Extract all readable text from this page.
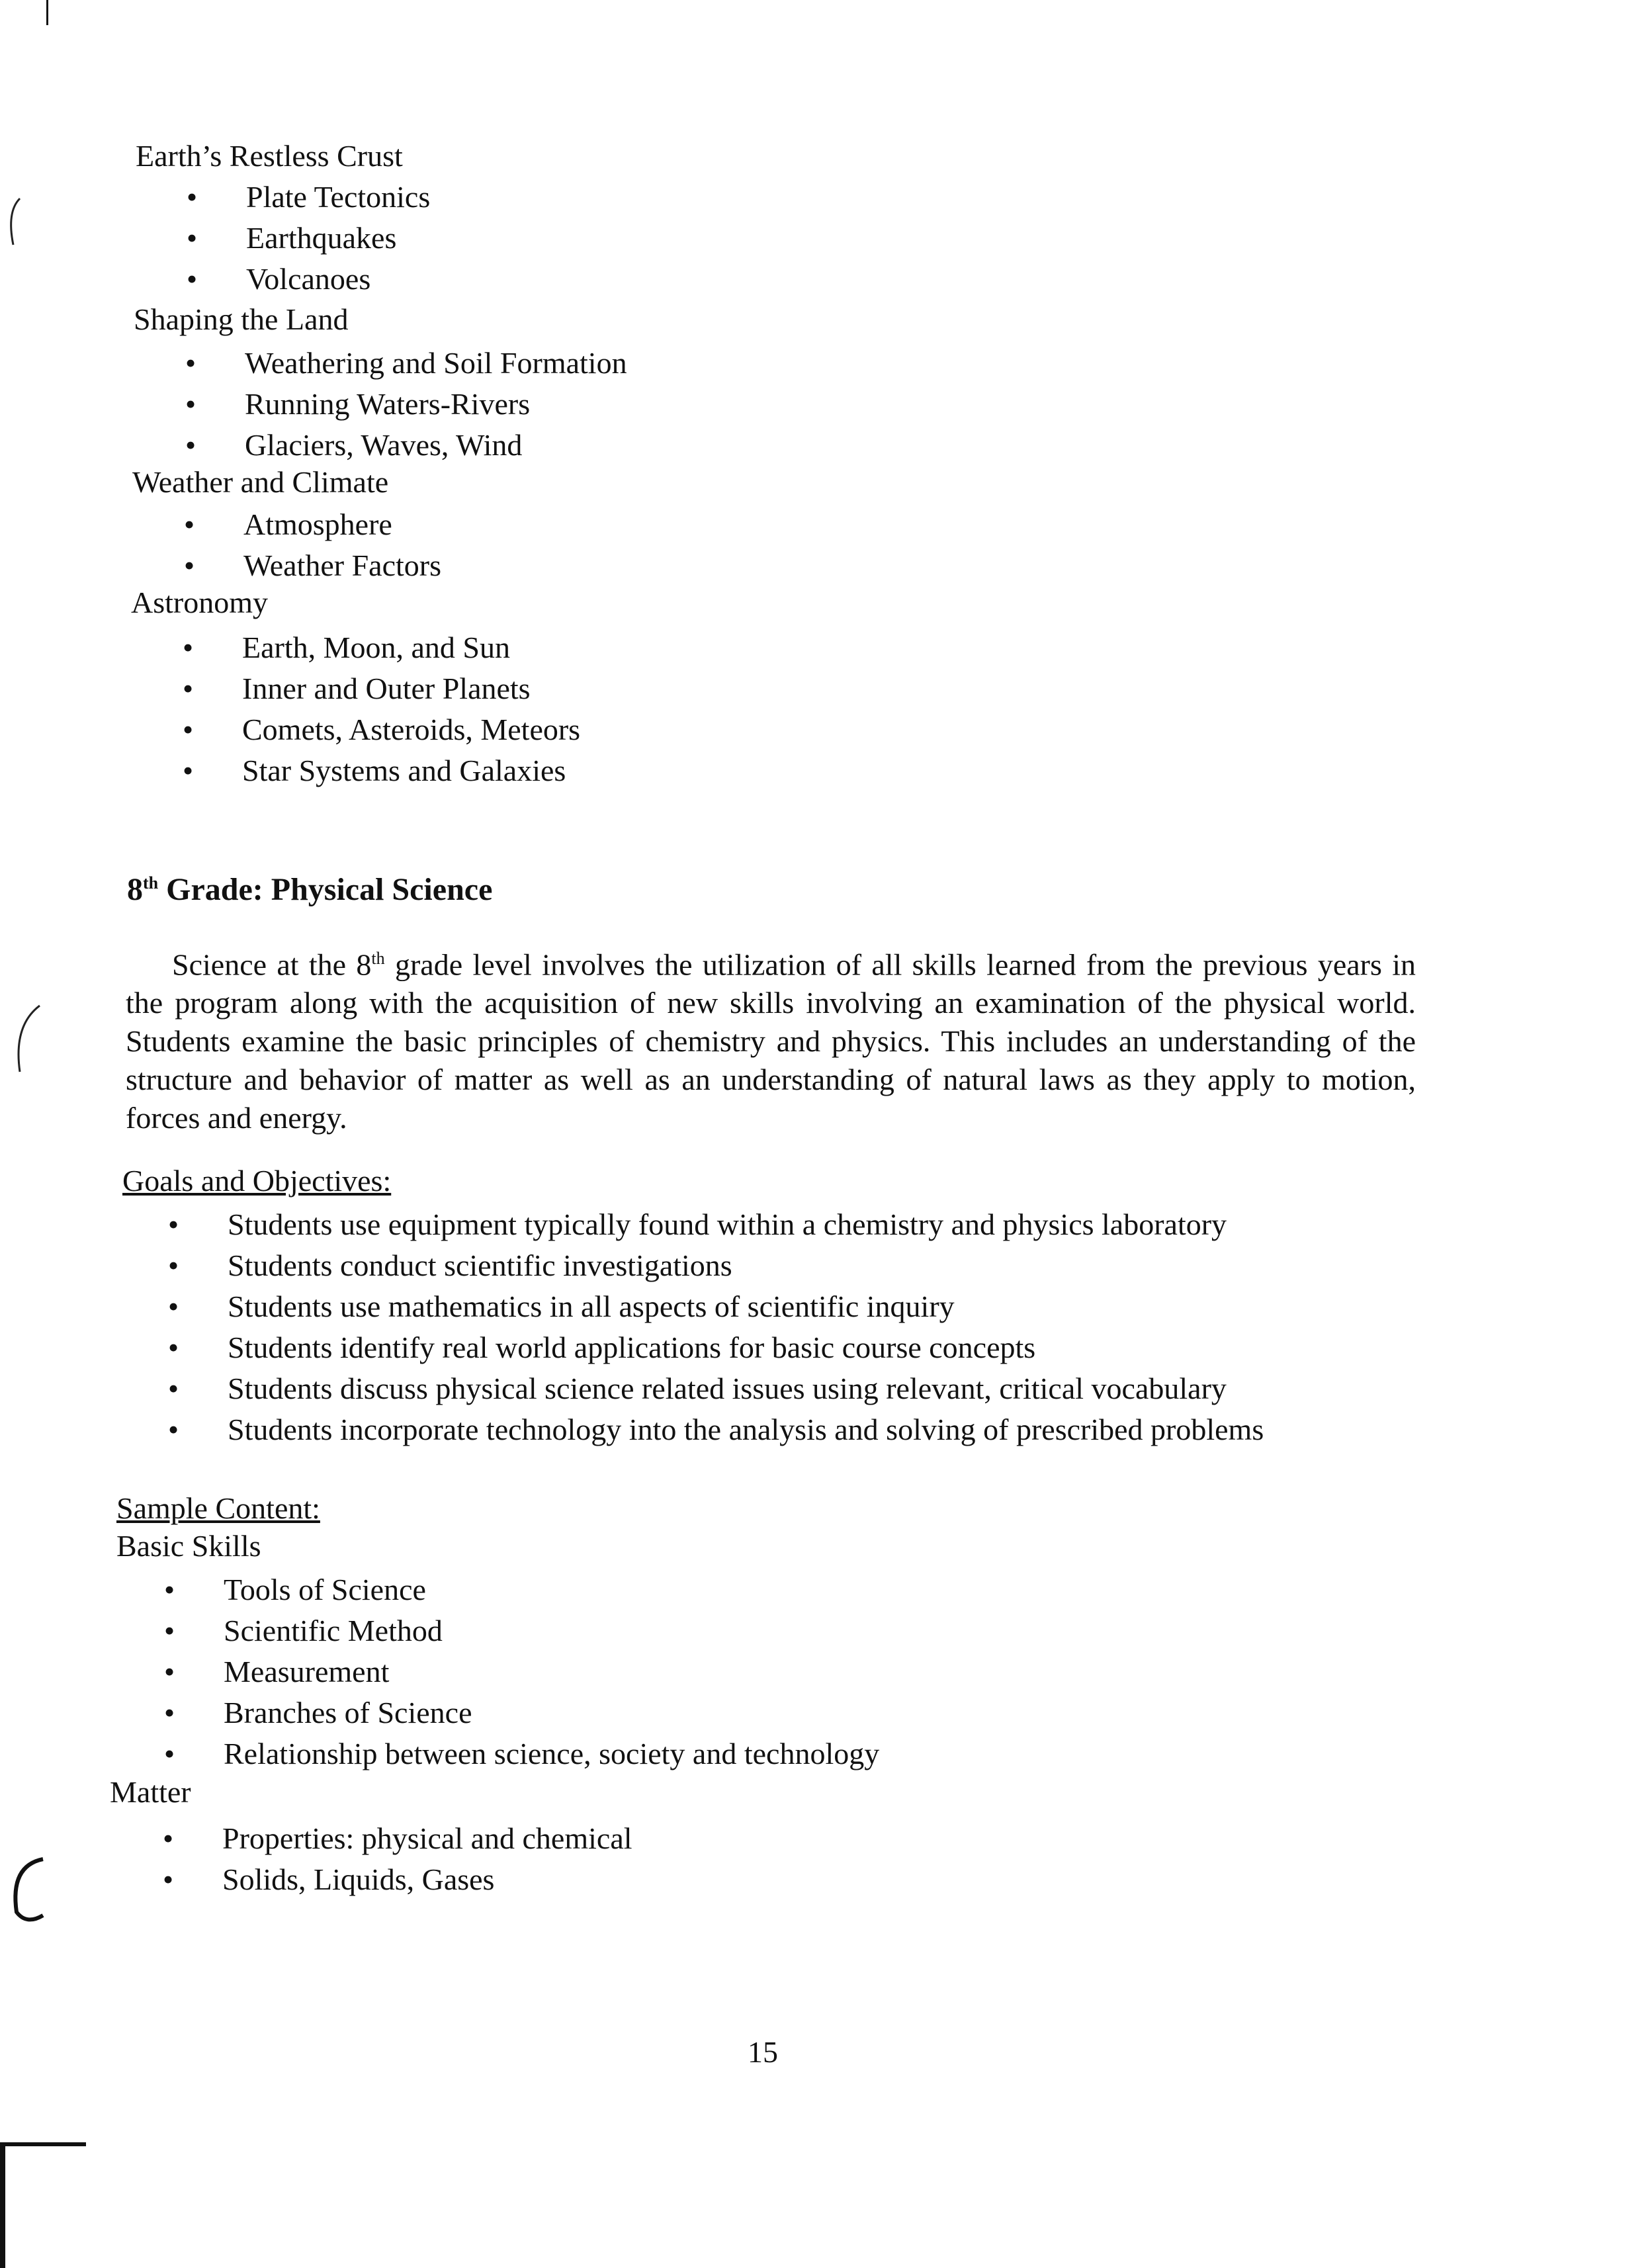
Earth’s Restless Crust

• Plate Tectonics
• Earthquakes
• Volcanoes

Shaping the Land

• Weathering and Soil Formation
• Running Waters-Rivers
• Glaciers, Waves, Wind

Weather and Climate

• Atmosphere
• Weather Factors

Astronomy

• Earth, Moon, and Sun
• Inner and Outer Planets
• Comets, Asteroids, Meteors
• Star Systems and Galaxies
8th Grade: Physical Science

Science at the 8th grade level involves the utilization of all skills learned from the previous years in the program along with the acquisition of new skills involving an examination of the physical world. Students examine the basic principles of chemistry and physics. This includes an understanding of the structure and behavior of matter as well as an understanding of natural laws as they apply to motion, forces and energy.

Goals and Objectives:

• Students use equipment typically found within a chemistry and physics laboratory
• Students conduct scientific investigations
• Students use mathematics in all aspects of scientific inquiry
• Students identify real world applications for basic course concepts
• Students discuss physical science related issues using relevant, critical vocabulary
• Students incorporate technology into the analysis and solving of prescribed problems

Sample Content:

Basic Skills

• Tools of Science
• Scientific Method
• Measurement
• Branches of Science
• Relationship between science, society and technology

Matter

• Properties: physical and chemical
• Solids, Liquids, Gases
15
